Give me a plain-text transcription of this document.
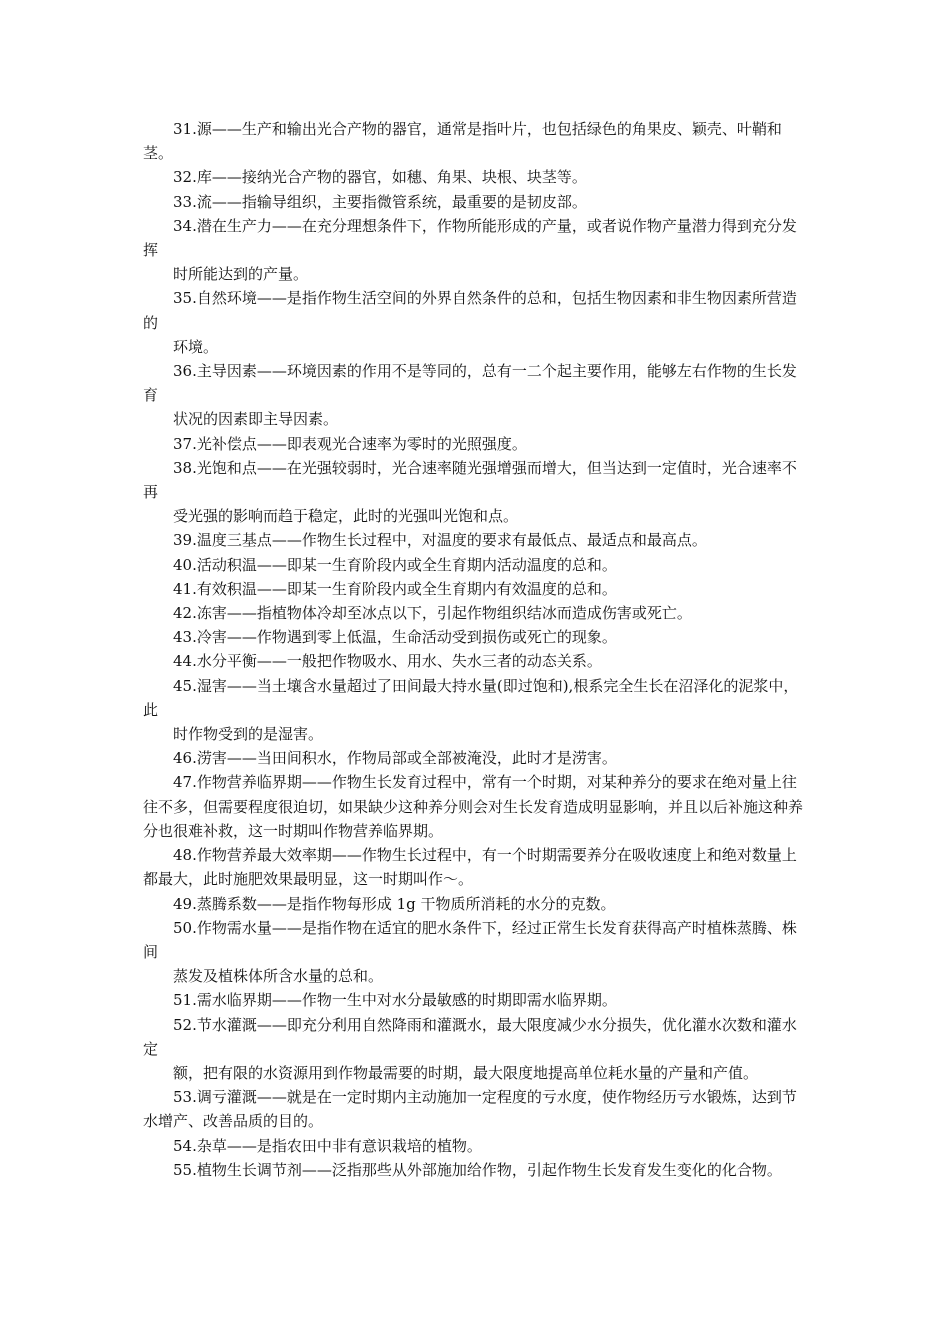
31.源——生产和输出光合产物的器官，通常是指叶片，也包括绿色的角果皮、颖壳、叶鞘和茎。

32.库——接纳光合产物的器官，如穗、角果、块根、块茎等。

33.流——指输导组织，主要指微管系统，最重要的是韧皮部。

34.潜在生产力——在充分理想条件下，作物所能形成的产量，或者说作物产量潜力得到充分发挥

时所能达到的产量。

35.自然环境——是指作物生活空间的外界自然条件的总和，包括生物因素和非生物因素所营造的

环境。

36.主导因素——环境因素的作用不是等同的，总有一二个起主要作用，能够左右作物的生长发育

状况的因素即主导因素。

37.光补偿点——即表观光合速率为零时的光照强度。

38.光饱和点——在光强较弱时，光合速率随光强增强而增大，但当达到一定值时，光合速率不再

受光强的影响而趋于稳定，此时的光强叫光饱和点。

39.温度三基点——作物生长过程中，对温度的要求有最低点、最适点和最高点。

40.活动积温——即某一生育阶段内或全生育期内活动温度的总和。

41.有效积温——即某一生育阶段内或全生育期内有效温度的总和。

42.冻害——指植物体冷却至冰点以下，引起作物组织结冰而造成伤害或死亡。

43.冷害——作物遇到零上低温，生命活动受到损伤或死亡的现象。

44.水分平衡——一般把作物吸水、用水、失水三者的动态关系。

45.湿害——当土壤含水量超过了田间最大持水量(即过饱和),根系完全生长在沼泽化的泥浆中，此

时作物受到的是湿害。

46.涝害——当田间积水，作物局部或全部被淹没，此时才是涝害。

47.作物营养临界期——作物生长发育过程中，常有一个时期，对某种养分的要求在绝对量上往往不多，但需要程度很迫切，如果缺少这种养分则会对生长发育造成明显影响，并且以后补施这种养分也很难补救，这一时期叫作物营养临界期。

48.作物营养最大效率期——作物生长过程中，有一个时期需要养分在吸收速度上和绝对数量上都最大，此时施肥效果最明显，这一时期叫作～。

49.蒸腾系数——是指作物每形成 1g 干物质所消耗的水分的克数。

50.作物需水量——是指作物在适宜的肥水条件下，经过正常生长发育获得高产时植株蒸腾、株间

蒸发及植株体所含水量的总和。

51.需水临界期——作物一生中对水分最敏感的时期即需水临界期。

52.节水灌溉——即充分利用自然降雨和灌溉水，最大限度减少水分损失，优化灌水次数和灌水定

额，把有限的水资源用到作物最需要的时期，最大限度地提高单位耗水量的产量和产值。

53.调亏灌溉——就是在一定时期内主动施加一定程度的亏水度，使作物经历亏水锻炼，达到节水增产、改善品质的目的。

54.杂草——是指农田中非有意识栽培的植物。

55.植物生长调节剂——泛指那些从外部施加给作物，引起作物生长发育发生变化的化合物。
